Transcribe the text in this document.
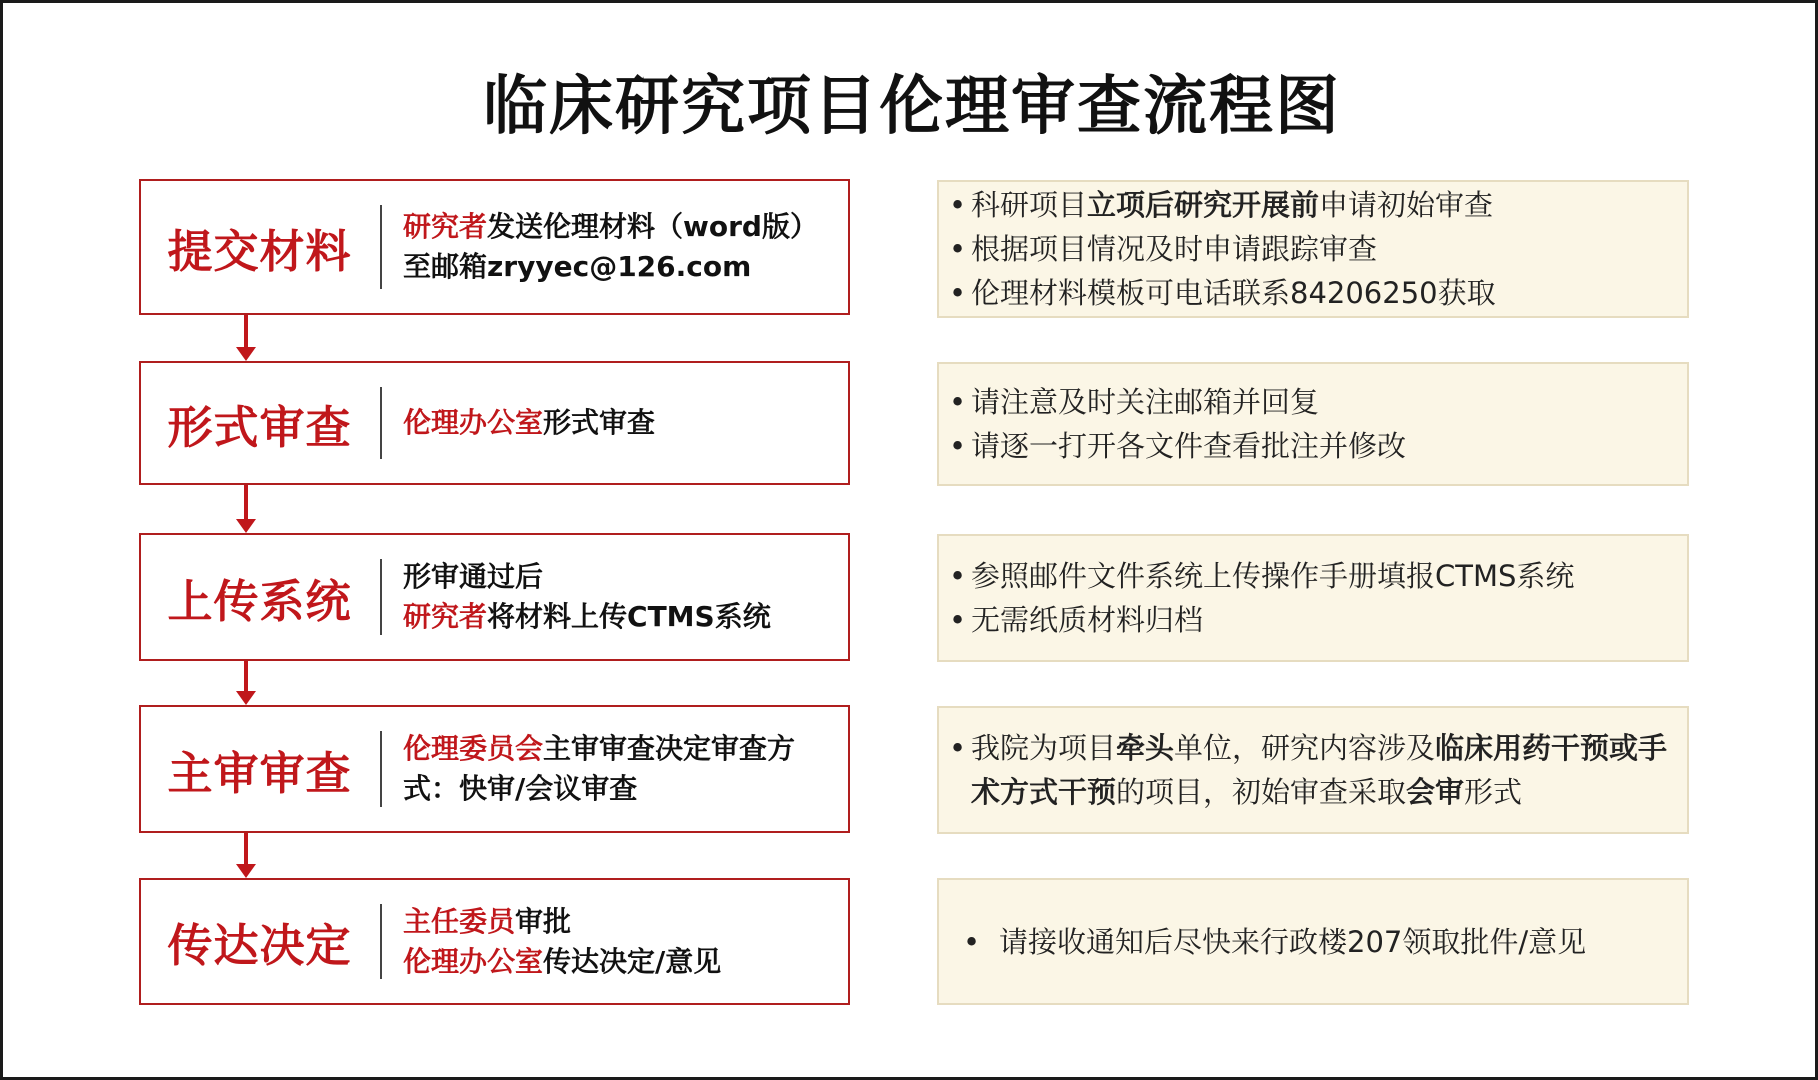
临床研究项目伦理审查流程图
提交材料	研究者发送伦理材料（word版）
至邮箱zryyec@126.com
• 科研项目立项后研究开展前申请初始审查
• 根据项目情况及时申请跟踪审查
• 伦理材料模板可电话联系84206250获取
形式审查	伦理办公室形式审查
• 请注意及时关注邮箱并回复
• 请逐一打开各文件查看批注并修改
上传系统	形审通过后
研究者将材料上传CTMS系统
• 参照邮件文件系统上传操作手册填报CTMS系统
• 无需纸质材料归档
主审审查	伦理委员会主审审查决定审查方
式：快审/会议审查
• 我院为项目牵头单位，研究内容涉及临床用药干预或手术方式干预的项目，初始审查采取会审形式
传达决定	主任委员审批
伦理办公室传达决定/意见
• 请接收通知后尽快来行政楼207领取批件/意见
